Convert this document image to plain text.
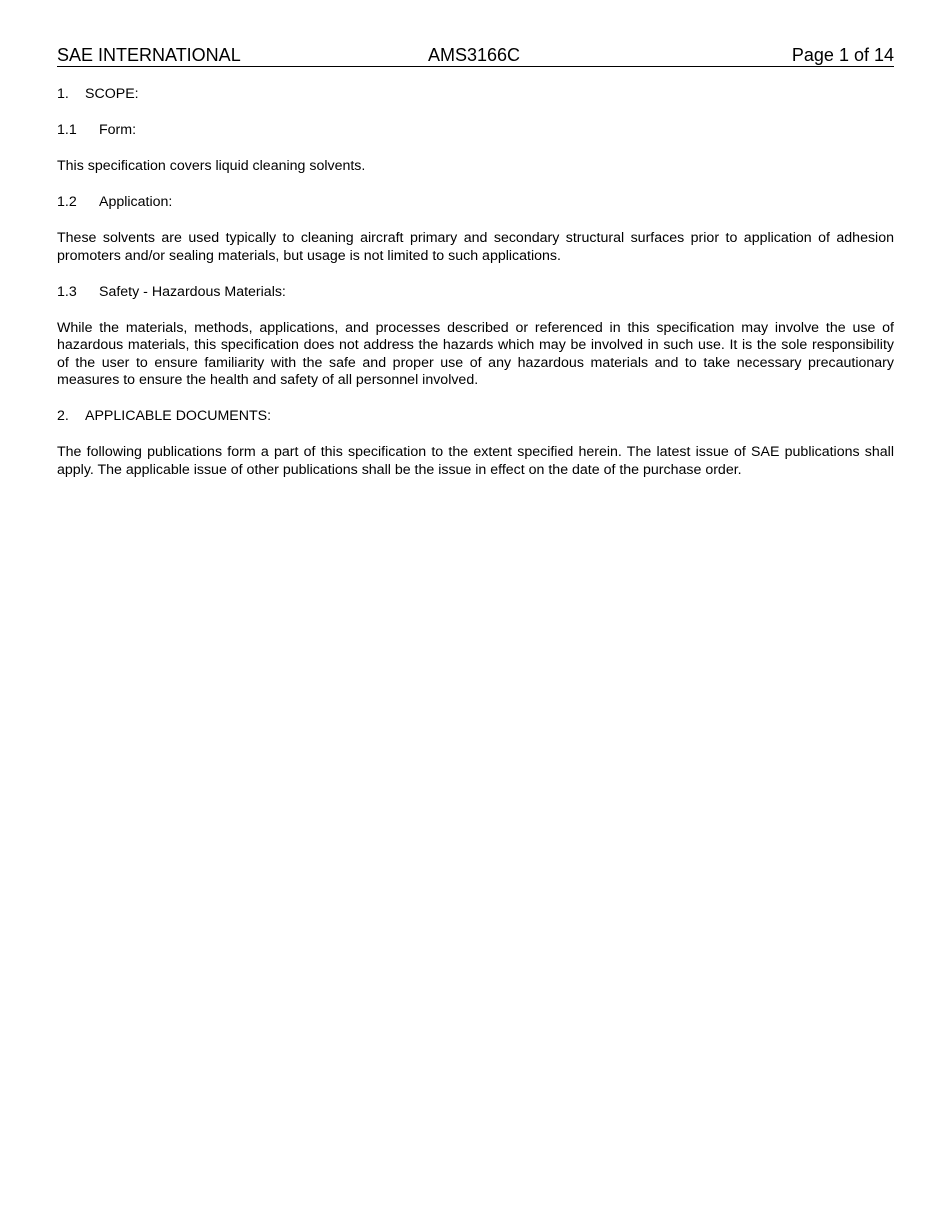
SAE INTERNATIONAL	AMS3166C	Page 1 of 14
1.	SCOPE:
1.1	Form:

This specification covers liquid cleaning solvents.

1.2	Application:

These solvents are used typically to cleaning aircraft primary and secondary structural surfaces prior to application of adhesion promoters and/or sealing materials, but usage is not limited to such applications.

1.3	Safety - Hazardous Materials:

While the materials, methods, applications, and processes described or referenced in this specification may involve the use of hazardous materials, this specification does not address the hazards which may be involved in such use. It is the sole responsibility of the user to ensure familiarity with the safe and proper use of any hazardous materials and to take necessary precautionary measures to ensure the health and safety of all personnel involved.

2.	APPLICABLE DOCUMENTS:

The following publications form a part of this specification to the extent specified herein. The latest issue of SAE publications shall apply. The applicable issue of other publications shall be the issue in effect on the date of the purchase order.
